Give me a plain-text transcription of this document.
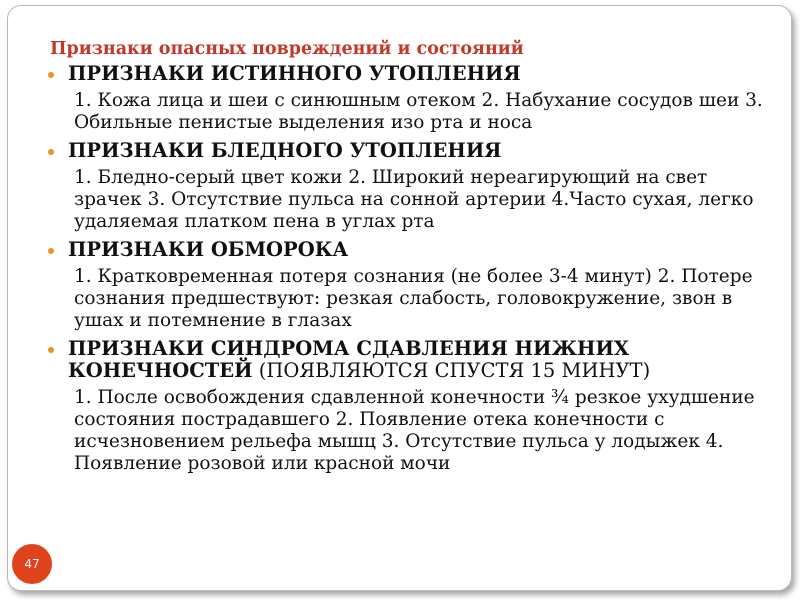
Признаки опасных повреждений и состояний
ПРИЗНАКИ ИСТИННОГО УТОПЛЕНИЯ
1. Кожа лица и шеи с синюшным отеком 2. Набухание сосудов шеи 3. Обильные пенистые выделения изо рта и носа
ПРИЗНАКИ БЛЕДНОГО УТОПЛЕНИЯ
1. Бледно-серый цвет кожи 2. Широкий нереагирующий на свет зрачек 3. Отсутствие пульса на сонной артерии 4.Часто сухая, легко удаляемая платком пена в углах рта
ПРИЗНАКИ ОБМОРОКА
1. Кратковременная потеря сознания (не более 3-4 минут) 2. Потере сознания предшествуют: резкая слабость, головокружение, звон в ушах и потемнение в глазах
ПРИЗНАКИ СИНДРОМА СДАВЛЕНИЯ НИЖНИХ КОНЕЧНОСТЕЙ (ПОЯВЛЯЮТСЯ СПУСТЯ 15 МИНУТ)
1. После освобождения сдавленной конечности ¾ резкое ухудшение состояния пострадавшего 2. Появление отека конечности с исчезновением рельефа мышц 3. Отсутствие пульса у лодыжек 4. Появление розовой или красной мочи
47
